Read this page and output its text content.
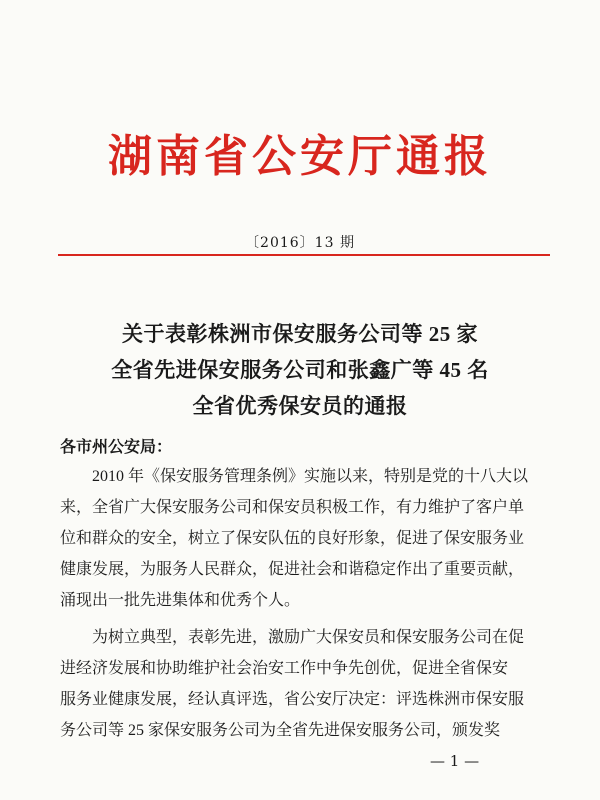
湖南省公安厅通报
〔2016〕13 期
关于表彰株洲市保安服务公司等 25 家
全省先进保安服务公司和张鑫广等 45 名
全省优秀保安员的通报
各市州公安局：
2010 年《保安服务管理条例》实施以来，特别是党的十八大以
来，全省广大保安服务公司和保安员积极工作，有力维护了客户单
位和群众的安全，树立了保安队伍的良好形象，促进了保安服务业
健康发展，为服务人民群众，促进社会和谐稳定作出了重要贡献，
涌现出一批先进集体和优秀个人。
为树立典型，表彰先进，激励广大保安员和保安服务公司在促
进经济发展和协助维护社会治安工作中争先创优，促进全省保安
服务业健康发展，经认真评选，省公安厅决定：评选株洲市保安服
务公司等 25 家保安服务公司为全省先进保安服务公司，颁发奖
— 1 —
